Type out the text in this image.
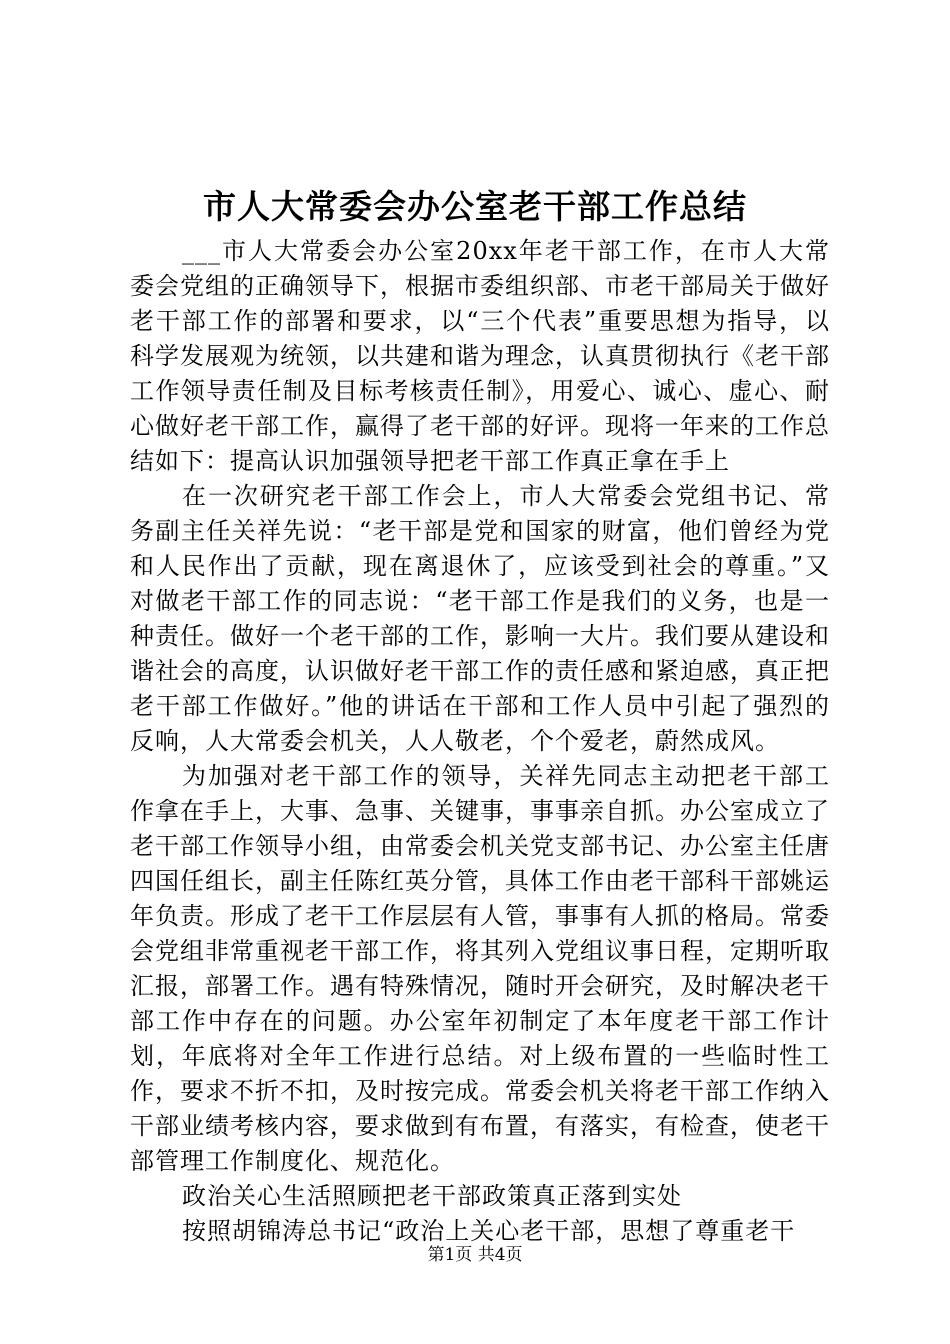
市人大常委会办公室老干部工作总结

___市人大常委会办公室20xx年老干部工作，在市人大常委会党组的正确领导下，根据市委组织部、市老干部局关于做好老干部工作的部署和要求，以“三个代表”重要思想为指导，以科学发展观为统领，以共建和谐为理念，认真贯彻执行《老干部工作领导责任制及目标考核责任制》，用爱心、诚心、虚心、耐心做好老干部工作，赢得了老干部的好评。现将一年来的工作总结如下：提高认识加强领导把老干部工作真正拿在手上

在一次研究老干部工作会上，市人大常委会党组书记、常务副主任关祥先说：“老干部是党和国家的财富，他们曾经为党和人民作出了贡献，现在离退休了，应该受到社会的尊重。”又对做老干部工作的同志说：“老干部工作是我们的义务，也是一种责任。做好一个老干部的工作，影响一大片。我们要从建设和谐社会的高度，认识做好老干部工作的责任感和紧迫感，真正把老干部工作做好。”他的讲话在干部和工作人员中引起了强烈的反响，人大常委会机关，人人敬老，个个爱老，蔚然成风。

为加强对老干部工作的领导，关祥先同志主动把老干部工作拿在手上，大事、急事、关键事，事事亲自抓。办公室成立了老干部工作领导小组，由常委会机关党支部书记、办公室主任唐四国任组长，副主任陈红英分管，具体工作由老干部科干部姚运年负责。形成了老干工作层层有人管，事事有人抓的格局。常委会党组非常重视老干部工作，将其列入党组议事日程，定期听取汇报，部署工作。遇有特殊情况，随时开会研究，及时解决老干部工作中存在的问题。办公室年初制定了本年度老干部工作计划，年底将对全年工作进行总结。对上级布置的一些临时性工作，要求不折不扣，及时按完成。常委会机关将老干部工作纳入干部业绩考核内容，要求做到有布置，有落实，有检查，使老干部管理工作制度化、规范化。

政治关心生活照顾把老干部政策真正落到实处

按照胡锦涛总书记“政治上关心老干部，思想了尊重老干

第1页 共4页
